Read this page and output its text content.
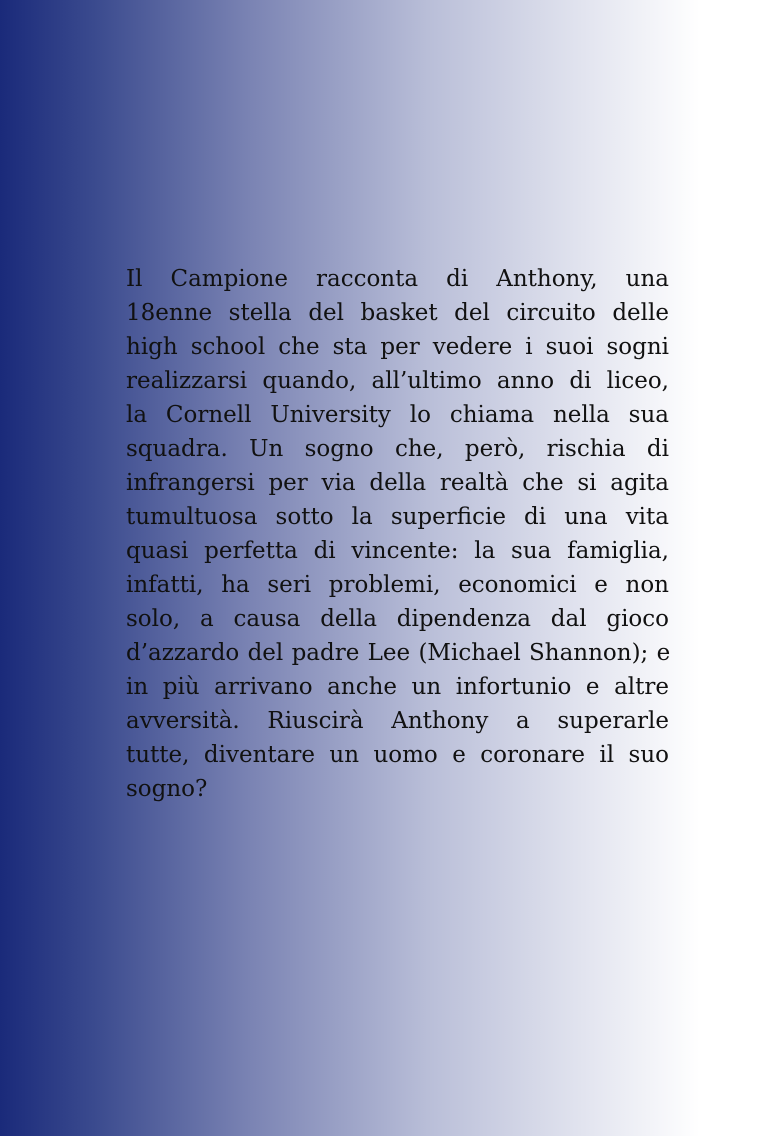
Il Campione racconta di Anthony, una
18enne stella del basket del circuito delle
high school che sta per vedere i suoi sogni
realizzarsi quando, all’ultimo anno di liceo,
la Cornell University lo chiama nella sua
squadra. Un sogno che, però, rischia di
infrangersi per via della realtà che si agita
tumultuosa sotto la superficie di una vita
quasi perfetta di vincente: la sua famiglia,
infatti, ha seri problemi, economici e non
solo, a causa della dipendenza dal gioco
d’azzardo del padre Lee (Michael Shannon); e
in più arrivano anche un infortunio e altre
avversità. Riuscirà Anthony a superarle
tutte, diventare un uomo e coronare il suo
sogno?
